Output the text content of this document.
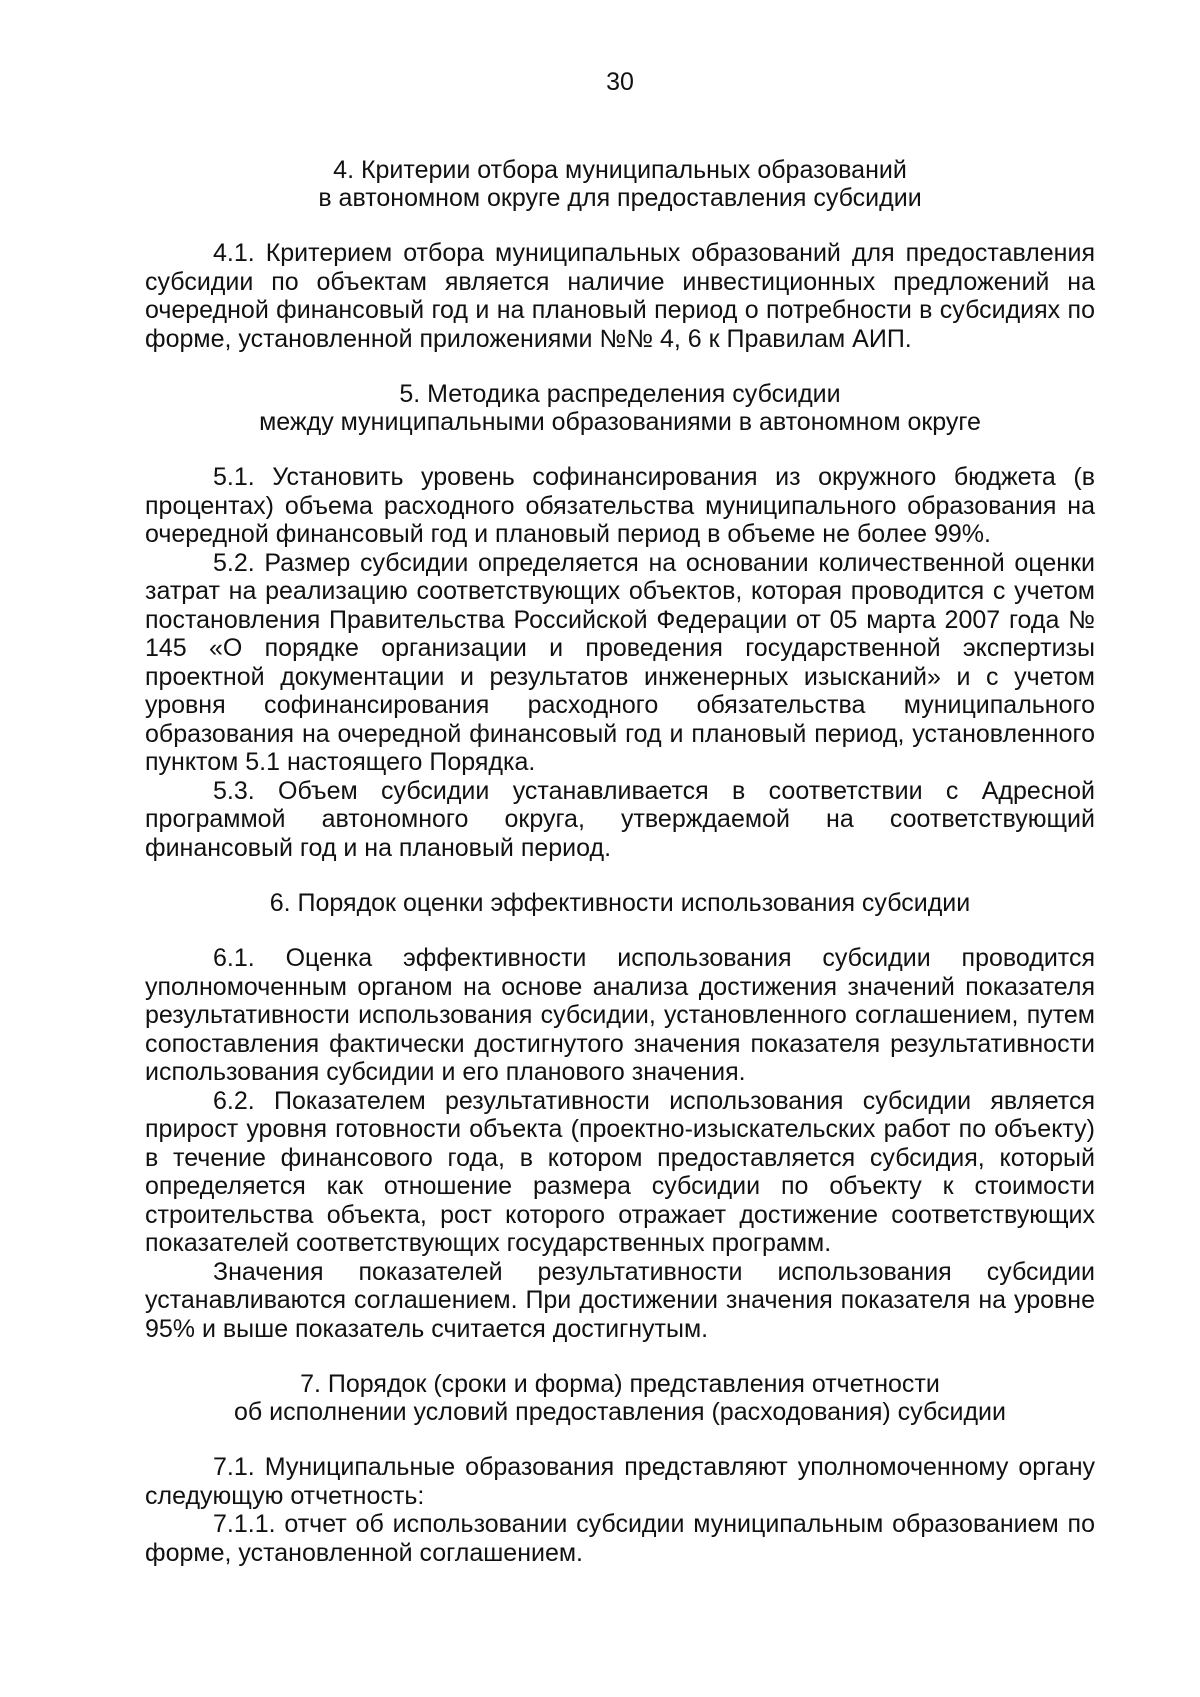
30
4. Критерии отбора муниципальных образований
в автономном округе для предоставления субсидии

4.1. Критерием отбора муниципальных образований для предоставления субсидии по объектам является наличие инвестиционных предложений на очередной финансовый год и на плановый период о потребности в субсидиях по форме, установленной приложениями №№ 4, 6 к Правилам АИП.

5. Методика распределения субсидии
между муниципальными образованиями в автономном округе

5.1. Установить уровень софинансирования из окружного бюджета (в процентах) объема расходного обязательства муниципального образования на очередной финансовый год и плановый период в объеме не более 99%.

5.2. Размер субсидии определяется на основании количественной оценки затрат на реализацию соответствующих объектов, которая проводится с учетом постановления Правительства Российской Федерации от 05 марта 2007 года № 145 «О порядке организации и проведения государственной экспертизы проектной документации и результатов инженерных изысканий» и с учетом уровня софинансирования расходного обязательства муниципального образования на очередной финансовый год и плановый период, установленного пунктом 5.1 настоящего Порядка.

5.3. Объем субсидии устанавливается в соответствии с Адресной программой автономного округа, утверждаемой на соответствующий финансовый год и на плановый период.

6. Порядок оценки эффективности использования субсидии

6.1. Оценка эффективности использования субсидии проводится уполномоченным органом на основе анализа достижения значений показателя результативности использования субсидии, установленного соглашением, путем сопоставления фактически достигнутого значения показателя результативности использования субсидии и его планового значения.

6.2. Показателем результативности использования субсидии является прирост уровня готовности объекта (проектно-изыскательских работ по объекту) в течение финансового года, в котором предоставляется субсидия, который определяется как отношение размера субсидии по объекту к стоимости строительства объекта, рост которого отражает достижение соответствующих показателей соответствующих государственных программ.

Значения показателей результативности использования субсидии устанавливаются соглашением. При достижении значения показателя на уровне 95% и выше показатель считается достигнутым.

7. Порядок (сроки и форма) представления отчетности
об исполнении условий предоставления (расходования) субсидии

7.1. Муниципальные образования представляют уполномоченному органу следующую отчетность:

7.1.1. отчет об использовании субсидии муниципальным образованием по форме, установленной соглашением.
